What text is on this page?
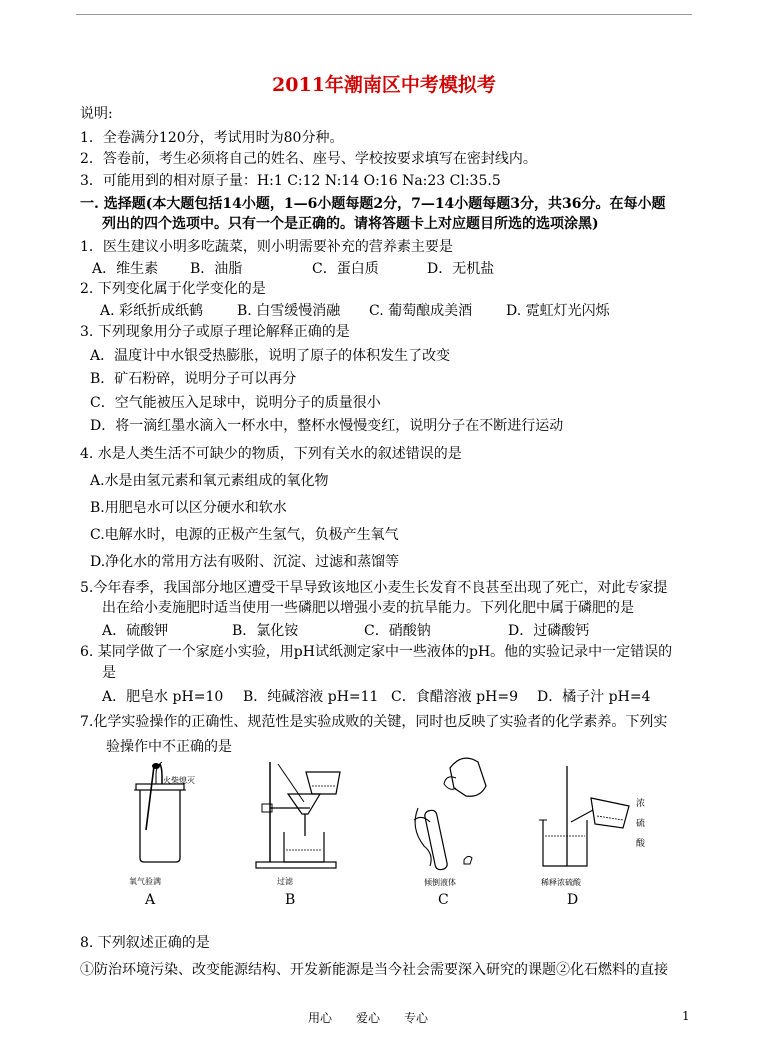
2011年潮南区中考模拟考
说明:
1．全卷满分120分，考试用时为80分种。
2．答卷前，考生必须将自己的姓名、座号、学校按要求填写在密封线内。
3．可能用到的相对原子量：H:1 C:12 N:14 O:16 Na:23 Cl:35.5
一. 选择题(本大题包括14小题，1—6小题每题2分，7—14小题每题3分，共36分。在每小题
列出的四个选项中。只有一个是正确的。请将答题卡上对应题目所选的选项涂黑)
1．医生建议小明多吃蔬菜，则小明需要补充的营养素主要是
A．维生素 B．油脂	C．蛋白质	D．无机盐
2. 下列变化属于化学变化的是
A. 彩纸折成纸鹤 B. 白雪缓慢消融 C. 葡萄酿成美酒 D. 霓虹灯光闪烁
3. 下列现象用分子或原子理论解释正确的是
A．温度计中水银受热膨胀，说明了原子的体积发生了改变
B．矿石粉碎，说明分子可以再分
C．空气能被压入足球中，说明分子的质量很小
D．将一滴红墨水滴入一杯水中，整杯水慢慢变红，说明分子在不断进行运动
4. 水是人类生活不可缺少的物质，下列有关水的叙述错误的是
A.水是由氢元素和氧元素组成的氧化物
B.用肥皂水可以区分硬水和软水
C.电解水时，电源的正极产生氢气，负极产生氧气
D.净化水的常用方法有吸附、沉淀、过滤和蒸馏等
5.今年春季，我国部分地区遭受干旱导致该地区小麦生长发育不良甚至出现了死亡，对此专家提
出在给小麦施肥时适当使用一些磷肥以增强小麦的抗旱能力。下列化肥中属于磷肥的是
A．硫酸钾	B．氯化铵	C．硝酸钠	D．过磷酸钙
6. 某同学做了一个家庭小实验，用pH试纸测定家中一些液体的pH。他的实验记录中一定错误的
是
A．肥皂水 pH=10 B．纯碱溶液 pH=11 C．食醋溶液 pH=9 D．橘子汁 pH=4
7.化学实验操作的正确性、规范性是实验成败的关键，同时也反映了实验者的化学素养。下列实
验操作中不正确的是
火柴熄灭
氧气验满
A
过滤
B
倾倒液体
C
浓硫酸
稀释浓硫酸
D
8. 下列叙述正确的是
①防治环境污染、改变能源结构、开发新能源是当今社会需要深入研究的课题②化石燃料的直接
用心　　爱心　　专心	1
